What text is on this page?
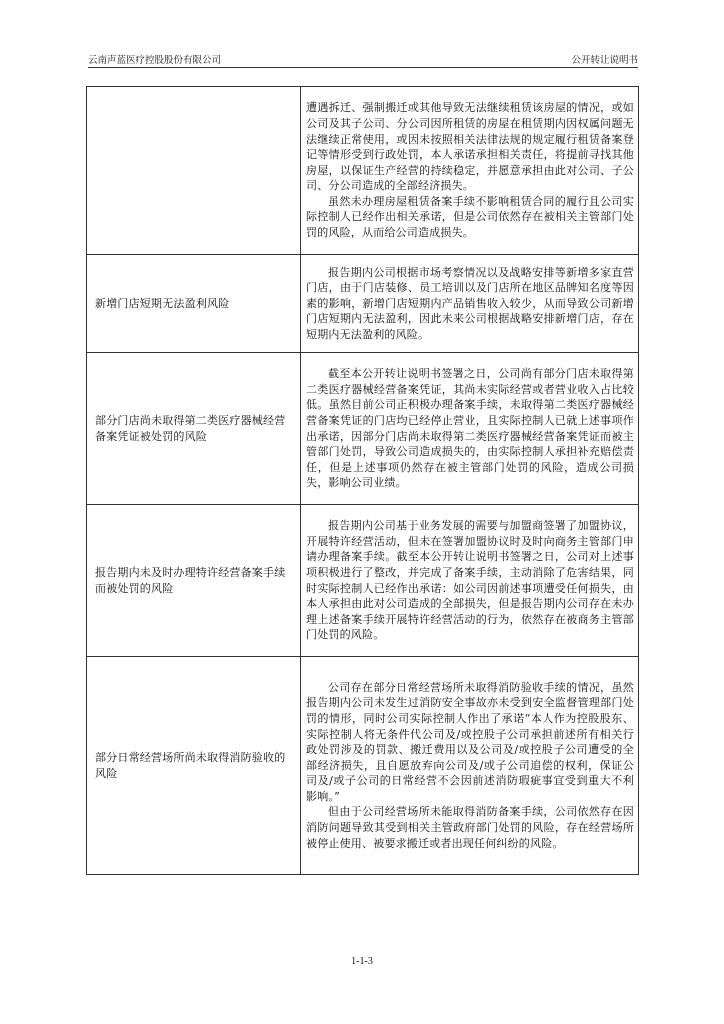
云南声蓝医疗控股股份有限公司	公开转让说明书

	遭遇拆迁、强制搬迁或其他导致无法继续租赁该房屋的情况，或如公司及其子公司、分公司因所租赁的房屋在租赁期内因权属问题无法继续正常使用，或因未按照相关法律法规的规定履行租赁备案登记等情形受到行政处罚，本人承诺承担相关责任，将提前寻找其他房屋，以保证生产经营的持续稳定，并愿意承担由此对公司、子公司、分公司造成的全部经济损失。

虽然未办理房屋租赁备案手续不影响租赁合同的履行且公司实际控制人已经作出相关承诺，但是公司依然存在被相关主管部门处罚的风险，从而给公司造成损失。

新增门店短期无法盈利风险	报告期内公司根据市场考察情况以及战略安排等新增多家直营门店，由于门店装修、员工培训以及门店所在地区品牌知名度等因素的影响，新增门店短期内产品销售收入较少，从而导致公司新增门店短期内无法盈利，因此未来公司根据战略安排新增门店，存在短期内无法盈利的风险。

部分门店尚未取得第二类医疗器械经营备案凭证被处罚的风险	截至本公开转让说明书签署之日，公司尚有部分门店未取得第二类医疗器械经营备案凭证，其尚未实际经营或者营业收入占比较低。虽然目前公司正积极办理备案手续，未取得第二类医疗器械经营备案凭证的门店均已经停止营业，且实际控制人已就上述事项作出承诺，因部分门店尚未取得第二类医疗器械经营备案凭证而被主管部门处罚，导致公司造成损失的，由实际控制人承担补充赔偿责任，但是上述事项仍然存在被主管部门处罚的风险，造成公司损失，影响公司业绩。

报告期内未及时办理特许经营备案手续而被处罚的风险	报告期内公司基于业务发展的需要与加盟商签署了加盟协议，开展特许经营活动，但未在签署加盟协议时及时向商务主管部门申请办理备案手续。截至本公开转让说明书签署之日，公司对上述事项积极进行了整改，并完成了备案手续，主动消除了危害结果，同时实际控制人已经作出承诺：如公司因前述事项遭受任何损失，由本人承担由此对公司造成的全部损失，但是报告期内公司存在未办理上述备案手续开展特许经营活动的行为，依然存在被商务主管部门处罚的风险。

部分日常经营场所尚未取得消防验收的风险	公司存在部分日常经营场所未取得消防验收手续的情况，虽然报告期内公司未发生过消防安全事故亦未受到安全监督管理部门处罚的情形，同时公司实际控制人作出了承诺“本人作为控股股东、实际控制人将无条件代公司及/或控股子公司承担前述所有相关行政处罚涉及的罚款、搬迁费用以及公司及/或控股子公司遭受的全部经济损失，且自愿放弃向公司及/或子公司追偿的权利，保证公司及/或子公司的日常经营不会因前述消防瑕疵事宜受到重大不利影响。”

但由于公司经营场所未能取得消防备案手续，公司依然存在因消防问题导致其受到相关主管政府部门处罚的风险，存在经营场所被停止使用、被要求搬迁或者出现任何纠纷的风险。

1-1-3
